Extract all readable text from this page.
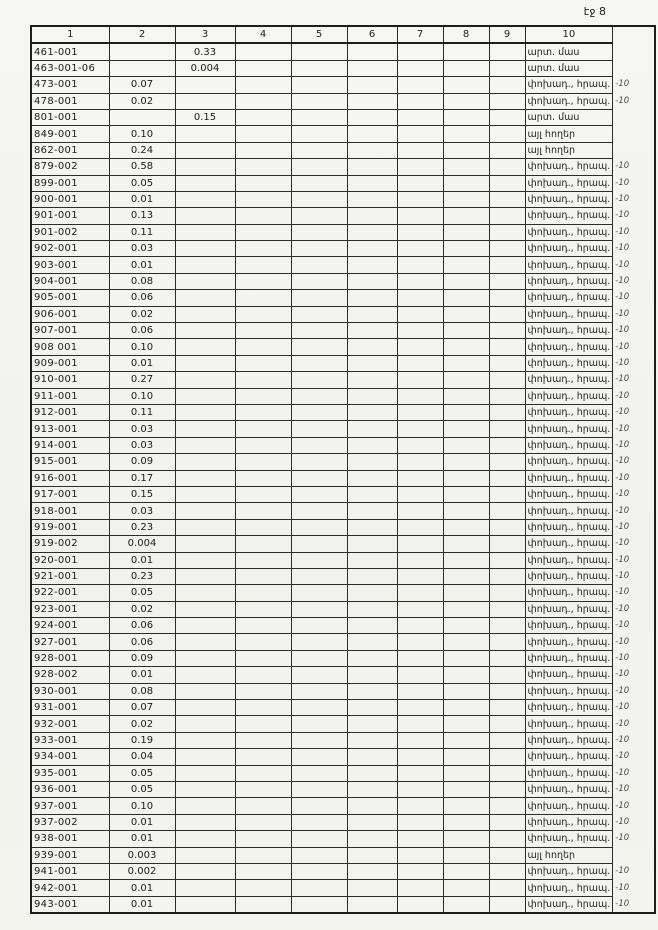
էջ 8
1	2	3	4	5	6	7	8	9	10	
461-001		0.33							արտ. մաս	
463-001-06		0.004							արտ. մաս	
473-001	0.07								փոխադ., հրապ.	-10
478-001	0.02								փոխադ., հրապ.	-10
801-001		0.15							արտ. մաս	
849-001	0.10								այլ հողեր	
862-001	0.24								այլ հողեր	
879-002	0.58								փոխադ., հրապ.	-10
899-001	0.05								փոխադ., հրապ.	-10
900-001	0.01								փոխադ., հրապ.	-10
901-001	0.13								փոխադ., հրապ.	-10
901-002	0.11								փոխադ., հրապ.	-10
902-001	0.03								փոխադ., հրապ.	-10
903-001	0.01								փոխադ., հրապ.	-10
904-001	0.08								փոխադ., հրապ.	-10
905-001	0.06								փոխադ., հրապ.	-10
906-001	0.02								փոխադ., հրապ.	-10
907-001	0.06								փոխադ., հրապ.	-10
908 001	0.10								փոխադ., հրապ.	-10
909-001	0.01								փոխադ., հրապ.	-10
910-001	0.27								փոխադ., հրապ.	-10
911-001	0.10								փոխադ., հրապ.	-10
912-001	0.11								փոխադ., հրապ.	-10
913-001	0.03								փոխադ., հրապ.	-10
914-001	0.03								փոխադ., հրապ.	-10
915-001	0.09								փոխադ., հրապ.	-10
916-001	0.17								փոխադ., հրապ.	-10
917-001	0.15								փոխադ., հրապ.	-10
918-001	0.03								փոխադ., հրապ.	-10
919-001	0.23								փոխադ., հրապ.	-10
919-002	0.004								փոխադ., հրապ.	-10
920-001	0.01								փոխադ., հրապ.	-10
921-001	0.23								փոխադ., հրապ.	-10
922-001	0.05								փոխադ., հրապ.	-10
923-001	0.02								փոխադ., հրապ.	-10
924-001	0.06								փոխադ., հրապ.	-10
927-001	0.06								փոխադ., հրապ.	-10
928-001	0.09								փոխադ., հրապ.	-10
928-002	0.01								փոխադ., հրապ.	-10
930-001	0.08								փոխադ., հրապ.	-10
931-001	0.07								փոխադ., հրապ.	-10
932-001	0.02								փոխադ., հրապ.	-10
933-001	0.19								փոխադ., հրապ.	-10
934-001	0.04								փոխադ., հրապ.	-10
935-001	0.05								փոխադ., հրապ.	-10
936-001	0.05								փոխադ., հրապ.	-10
937-001	0.10								փոխադ., հրապ.	-10
937-002	0.01								փոխադ., հրապ.	-10
938-001	0.01								փոխադ., հրապ.	-10
939-001	0.003								այլ հողեր	
941-001	0.002								փոխադ., հրապ.	-10
942-001	0.01								փոխադ., հրապ.	-10
943-001	0.01								փոխադ., հրապ.	-10
